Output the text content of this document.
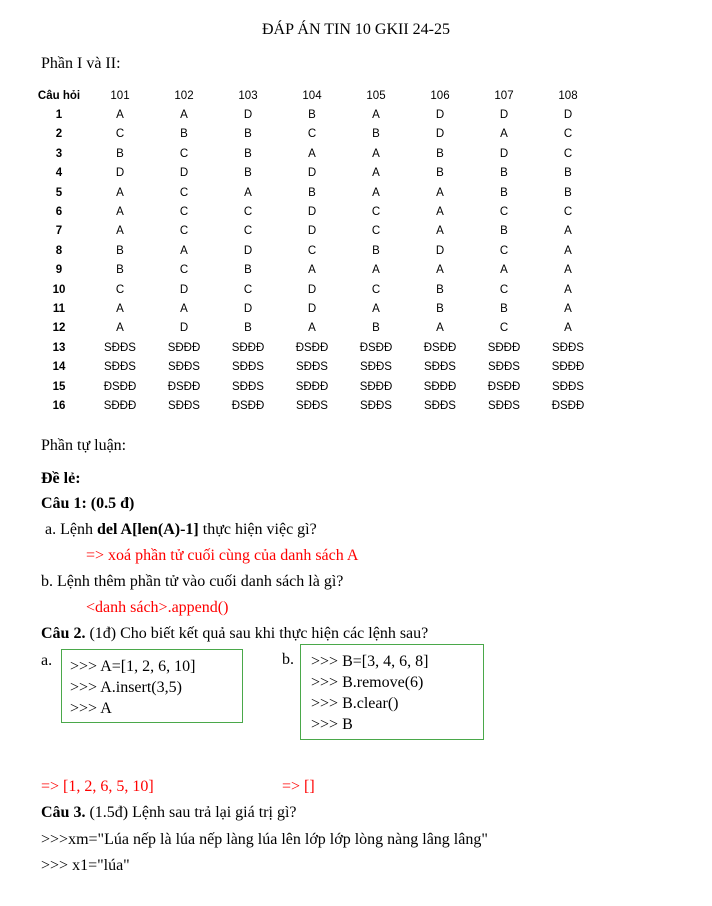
ĐÁP ÁN TIN 10 GKII 24-25
Phần I và II:
Câu hỏi	101	102	103	104	105	106	107	108
1	A	A	D	B	A	D	D	D
2	C	B	B	C	B	D	A	C
3	B	C	B	A	A	B	D	C
4	D	D	B	D	A	B	B	B
5	A	C	A	B	A	A	B	B
6	A	C	C	D	C	A	C	C
7	A	C	C	D	C	A	B	A
8	B	A	D	C	B	D	C	A
9	B	C	B	A	A	A	A	A
10	C	D	C	D	C	B	C	A
11	A	A	D	D	A	B	B	A
12	A	D	B	A	B	A	C	A
13	SĐĐS	SĐĐĐ	SĐĐĐ	ĐSĐĐ	ĐSĐĐ	ĐSĐĐ	SĐĐĐ	SĐĐS
14	SĐĐS	SĐĐS	SĐĐS	SĐĐS	SĐĐS	SĐĐS	SĐĐS	SĐĐĐ
15	ĐSĐĐ	ĐSĐĐ	SĐĐS	SĐĐĐ	SĐĐĐ	SĐĐĐ	ĐSĐĐ	SĐĐS
16	SĐĐĐ	SĐĐS	ĐSĐĐ	SĐĐS	SĐĐS	SĐĐS	SĐĐS	ĐSĐĐ
Phần tự luận:
Đề lẻ:
Câu 1: (0.5 đ)
a. Lệnh del A[len(A)-1] thực hiện việc gì?
=> xoá phần tử cuối cùng của danh sách A
b. Lệnh thêm phần tử vào cuối danh sách là gì?
<danh sách>.append()
Câu 2. (1đ) Cho biết kết quả sau khi thực hiện các lệnh sau?
a. >>> A=[1, 2, 6, 10]
>>> A.insert(3,5)
>>> A
b. >>> B=[3, 4, 6, 8]
>>> B.remove(6)
>>> B.clear()
>>> B
=> [1, 2, 6, 5, 10]	=> []
Câu 3. (1.5đ) Lệnh sau trả lại giá trị gì?
>>>xm="Lúa nếp là lúa nếp làng lúa lên lớp lớp lòng nàng lâng lâng"
>>> x1="lúa"
